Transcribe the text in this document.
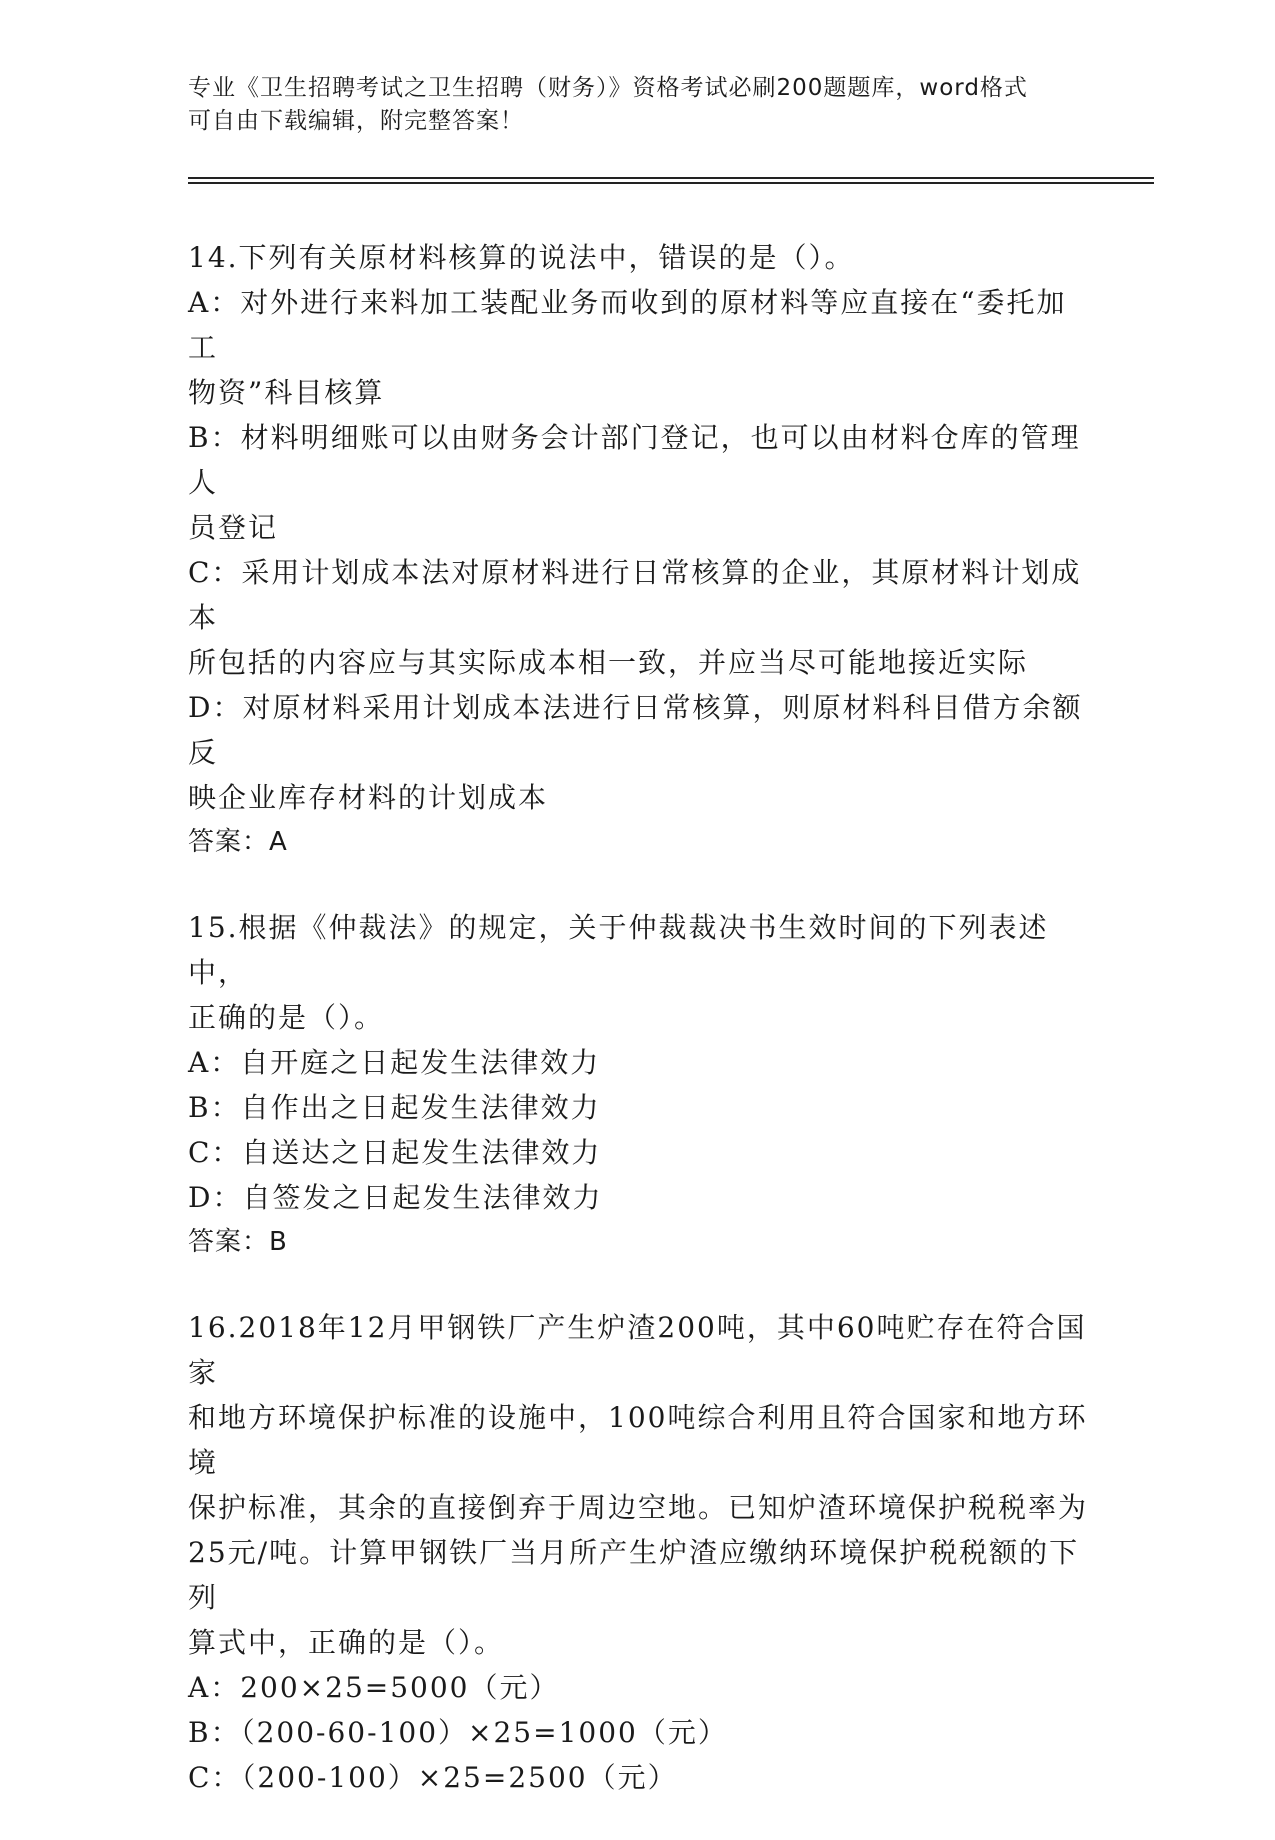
专业《卫生招聘考试之卫生招聘（财务）》资格考试必刷200题题库，word格式
可自由下载编辑，附完整答案！
14.下列有关原材料核算的说法中，错误的是（）。
A：对外进行来料加工装配业务而收到的原材料等应直接在“委托加工
物资”科目核算
B：材料明细账可以由财务会计部门登记，也可以由材料仓库的管理人
员登记
C：采用计划成本法对原材料进行日常核算的企业，其原材料计划成本
所包括的内容应与其实际成本相一致，并应当尽可能地接近实际
D：对原材料采用计划成本法进行日常核算，则原材料科目借方余额反
映企业库存材料的计划成本
答案：A
15.根据《仲裁法》的规定，关于仲裁裁决书生效时间的下列表述中，
正确的是（）。
A：自开庭之日起发生法律效力
B：自作出之日起发生法律效力
C：自送达之日起发生法律效力
D：自签发之日起发生法律效力
答案：B
16.2018年12月甲钢铁厂产生炉渣200吨，其中60吨贮存在符合国家
和地方环境保护标准的设施中，100吨综合利用且符合国家和地方环境
保护标准，其余的直接倒弃于周边空地。已知炉渣环境保护税税率为
25元/吨。计算甲钢铁厂当月所产生炉渣应缴纳环境保护税税额的下列
算式中，正确的是（）。
A：200×25=5000（元）
B：（200-60-100）×25=1000（元）
C：（200-100）×25=2500（元）
